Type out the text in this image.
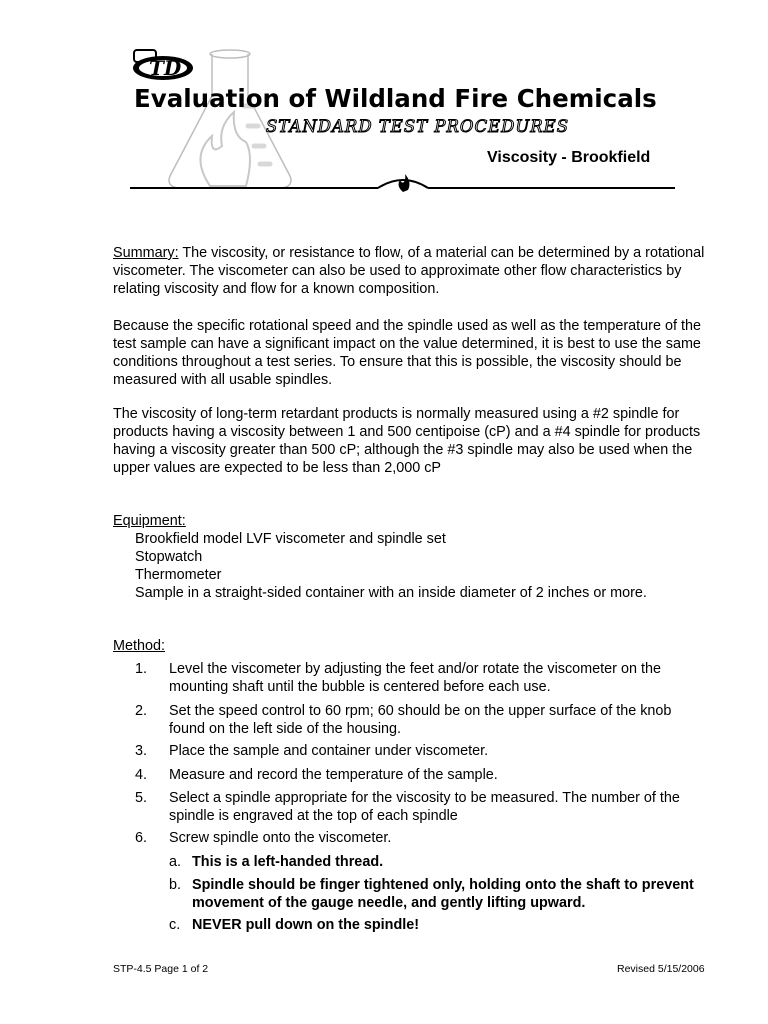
TD
Evaluation of Wildland Fire Chemicals
STANDARD TEST PROCEDURES
Viscosity - Brookfield

Summary: The viscosity, or resistance to flow, of a material can be determined by a rotational viscometer. The viscometer can also be used to approximate other flow characteristics by relating viscosity and flow for a known composition.

Because the specific rotational speed and the spindle used as well as the temperature of the test sample can have a significant impact on the value determined, it is best to use the same conditions throughout a test series. To ensure that this is possible, the viscosity should be measured with all usable spindles.

The viscosity of long-term retardant products is normally measured using a #2 spindle for products having a viscosity between 1 and 500 centipoise (cP) and a #4 spindle for products having a viscosity greater than 500 cP; although the #3 spindle may also be used when the upper values are expected to be less than 2,000 cP

Equipment:
Brookfield model LVF viscometer and spindle set
Stopwatch
Thermometer
Sample in a straight-sided container with an inside diameter of 2 inches or more.
Method:
1. Level the viscometer by adjusting the feet and/or rotate the viscometer on the mounting shaft until the bubble is centered before each use.
2. Set the speed control to 60 rpm; 60 should be on the upper surface of the knob found on the left side of the housing.
3. Place the sample and container under viscometer.
4. Measure and record the temperature of the sample.
5. Select a spindle appropriate for the viscosity to be measured. The number of the spindle is engraved at the top of each spindle
6. Screw spindle onto the viscometer.
a. This is a left-handed thread.
b. Spindle should be finger tightened only, holding onto the shaft to prevent movement of the gauge needle, and gently lifting upward.
c. NEVER pull down on the spindle!
STP-4.5 Page 1 of 2	Revised 5/15/2006
